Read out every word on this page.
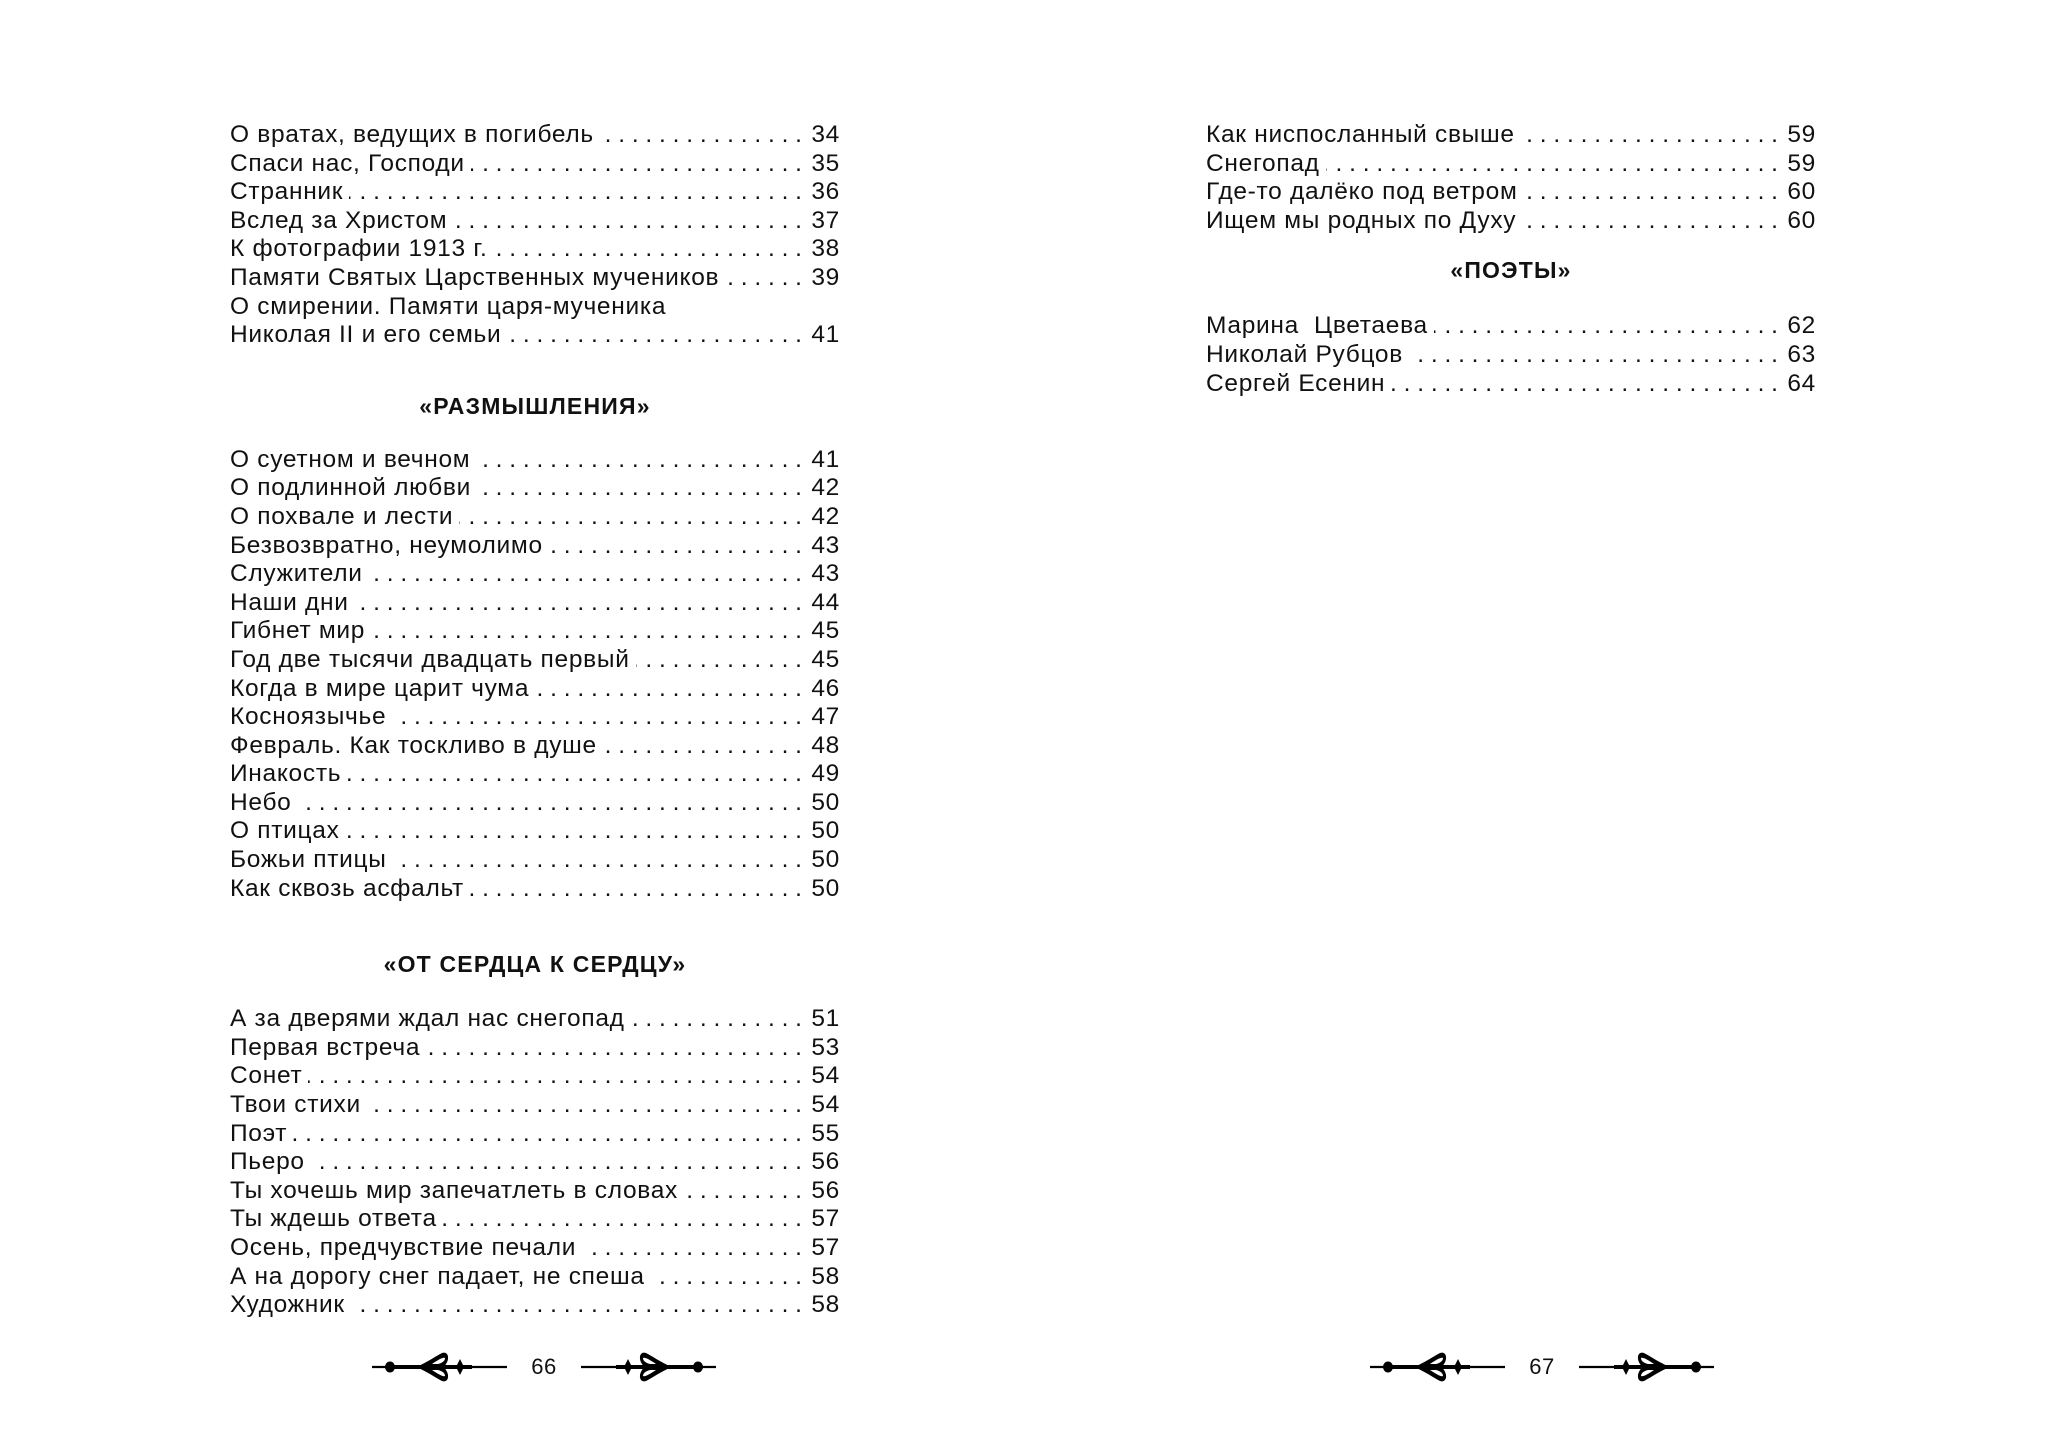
О вратах, ведущих в погибель . . .	34
Спаси нас, Господи . . .	35
Странник . . .	36
Вслед за Христом . . .	37
К фотографии 1913 г. . . .	38
Памяти Святых Царственных мучеников . . .	39
О смирении. Памяти царя-мученика
Николая II и его семьи . . .	41
«РАЗМЫШЛЕНИЯ»
О суетном и вечном . . .	41
О подлинной любви . . .	42
О похвале и лести . . .	42
Безвозвратно, неумолимо . . .	43
Служители . . .	43
Наши дни . . .	44
Гибнет мир . . .	45
Год две тысячи двадцать первый . . .	45
Когда в мире царит чума . . .	46
Косноязычье . . .	47
Февраль. Как тоскливо в душе . . .	48
Инакость . . .	49
Небо . . .	50
О птицах . . .	50
Божьи птицы . . .	50
Как сквозь асфальт . . .	50
«ОТ СЕРДЦА К СЕРДЦУ»
А за дверями ждал нас снегопад . . .	51
Первая встреча . . .	53
Сонет . . .	54
Твои стихи . . .	54
Поэт . . .	55
Пьеро . . .	56
Ты хочешь мир запечатлеть в словах . . .	56
Ты ждешь ответа . . .	57
Осень, предчувствие печали . . .	57
А на дорогу снег падает, не спеша . . .	58
Художник . . .	58
66
Как ниспосланный свыше . . .	59
Снегопад . . .	59
Где-то далёко под ветром . . .	60
Ищем мы родных по Духу . . .	60
«ПОЭТЫ»
Марина  Цветаева . . .	62
Николай Рубцов . . .	63
Сергей Есенин . . .	64
67
